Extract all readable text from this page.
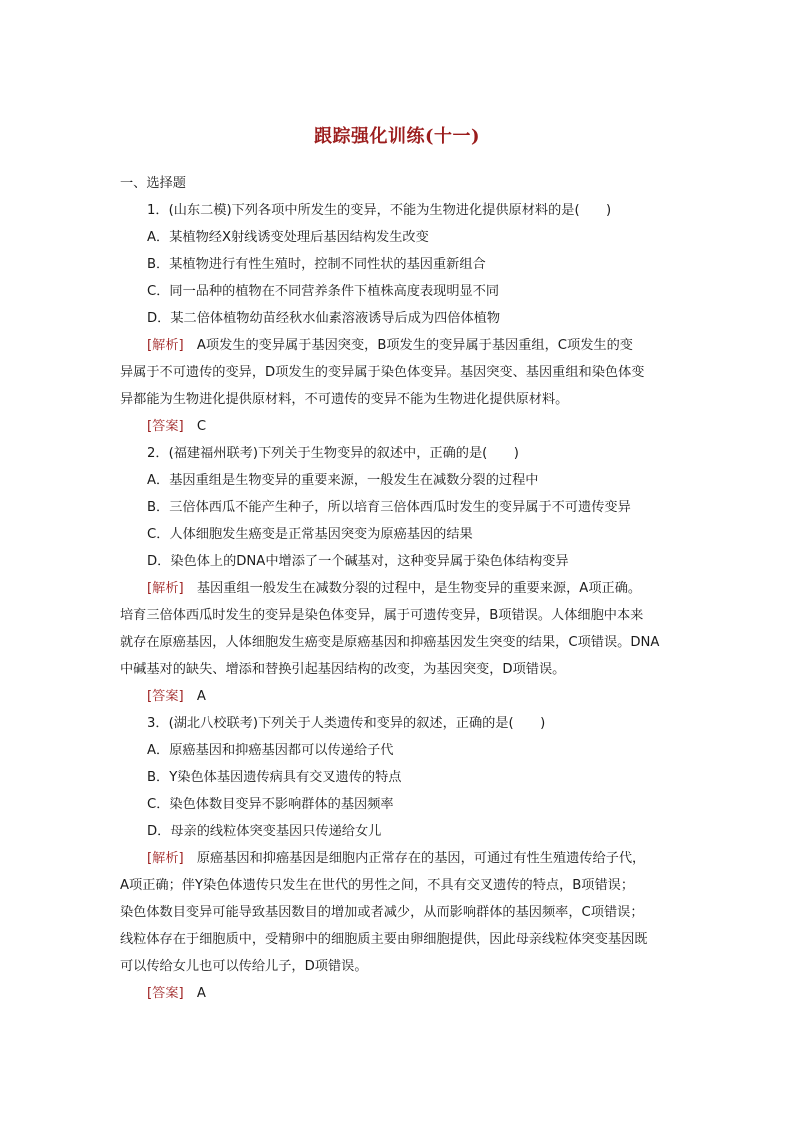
跟踪强化训练(十一)
一、选择题
1．(山东二模)下列各项中所发生的变异，不能为生物进化提供原材料的是(　　)
A．某植物经X射线诱变处理后基因结构发生改变
B．某植物进行有性生殖时，控制不同性状的基因重新组合
C．同一品种的植物在不同营养条件下植株高度表现明显不同
D．某二倍体植物幼苗经秋水仙素溶液诱导后成为四倍体植物
[解析]　A项发生的变异属于基因突变，B项发生的变异属于基因重组，C项发生的变
异属于不可遗传的变异，D项发生的变异属于染色体变异。基因突变、基因重组和染色体变
异都能为生物进化提供原材料，不可遗传的变异不能为生物进化提供原材料。
[答案]　C
2．(福建福州联考)下列关于生物变异的叙述中，正确的是(　　)
A．基因重组是生物变异的重要来源，一般发生在减数分裂的过程中
B．三倍体西瓜不能产生种子，所以培育三倍体西瓜时发生的变异属于不可遗传变异
C．人体细胞发生癌变是正常基因突变为原癌基因的结果
D．染色体上的DNA中增添了一个碱基对，这种变异属于染色体结构变异
[解析]　基因重组一般发生在减数分裂的过程中，是生物变异的重要来源，A项正确。
培育三倍体西瓜时发生的变异是染色体变异，属于可遗传变异，B项错误。人体细胞中本来
就存在原癌基因，人体细胞发生癌变是原癌基因和抑癌基因发生突变的结果，C项错误。DNA
中碱基对的缺失、增添和替换引起基因结构的改变，为基因突变，D项错误。
[答案]　A
3．(湖北八校联考)下列关于人类遗传和变异的叙述，正确的是(　　)
A．原癌基因和抑癌基因都可以传递给子代
B．Y染色体基因遗传病具有交叉遗传的特点
C．染色体数目变异不影响群体的基因频率
D．母亲的线粒体突变基因只传递给女儿
[解析]　原癌基因和抑癌基因是细胞内正常存在的基因，可通过有性生殖遗传给子代，
A项正确；伴Y染色体遗传只发生在世代的男性之间，不具有交叉遗传的特点，B项错误；
染色体数目变异可能导致基因数目的增加或者减少，从而影响群体的基因频率，C项错误；
线粒体存在于细胞质中，受精卵中的细胞质主要由卵细胞提供，因此母亲线粒体突变基因既
可以传给女儿也可以传给儿子，D项错误。
[答案]　A
